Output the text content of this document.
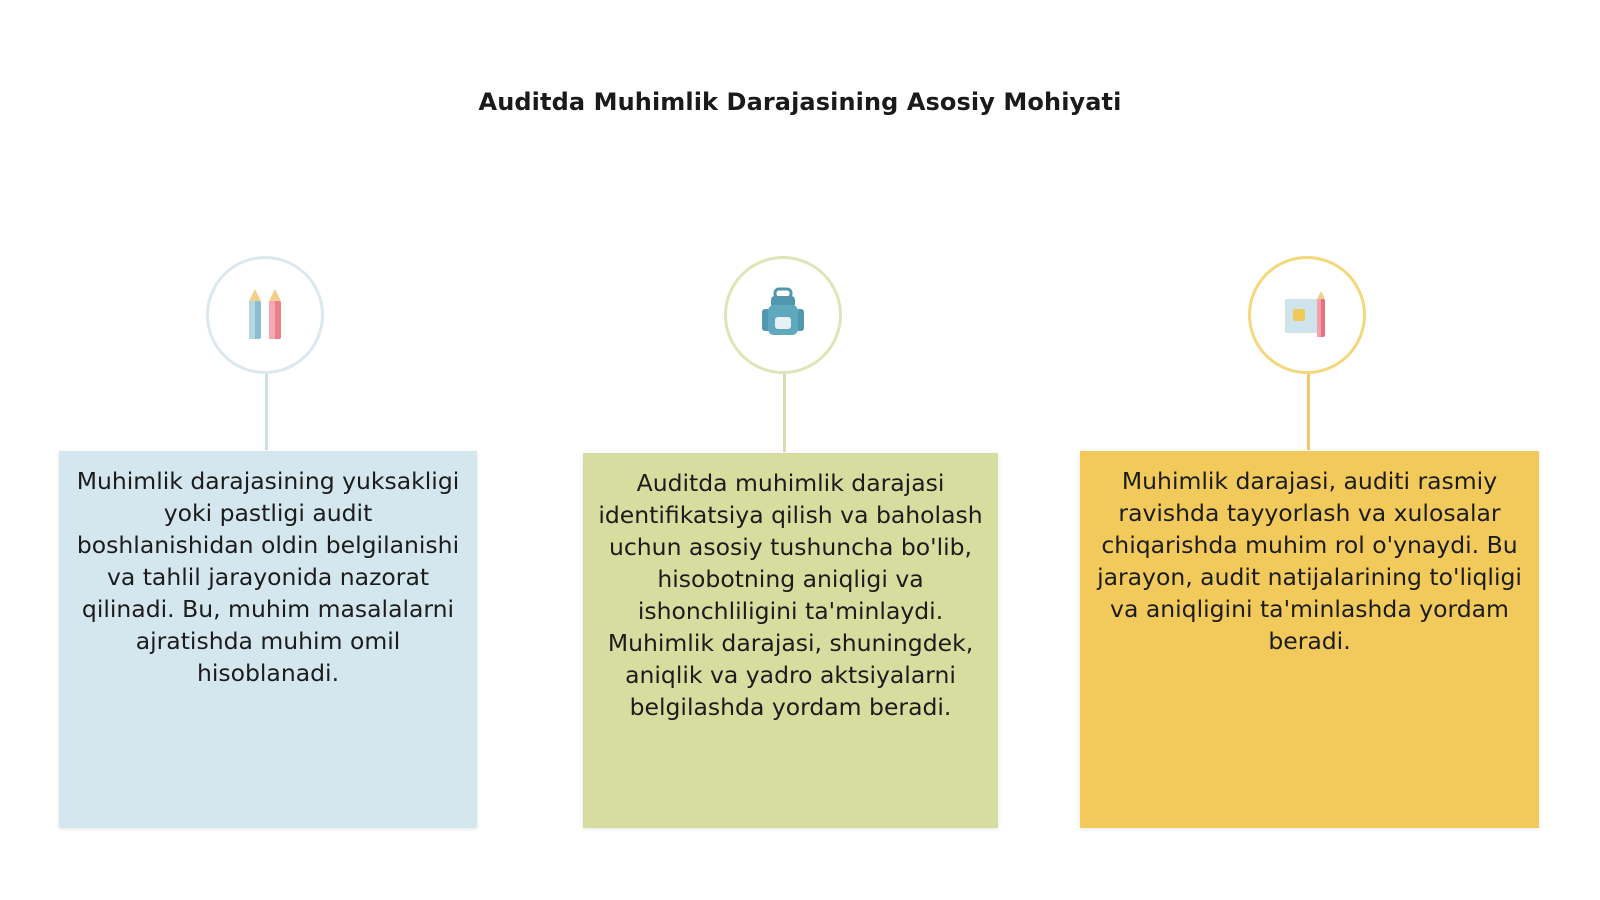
Auditda Muhimlik Darajasining Asosiy Mohiyati

Muhimlik darajasining yuksakligi yoki pastligi audit boshlanishidan oldin belgilanishi va tahlil jarayonida nazorat qilinadi. Bu, muhim masalalarni ajratishda muhim omil hisoblanadi.

Auditda muhimlik darajasi identifikatsiya qilish va baholash uchun asosiy tushuncha bo'lib, hisobotning aniqligi va ishonchliligini ta'minlaydi. Muhimlik darajasi, shuningdek, aniqlik va yadro aktsiyalarni belgilashda yordam beradi.

Muhimlik darajasi, auditi rasmiy ravishda tayyorlash va xulosalar chiqarishda muhim rol o'ynaydi. Bu jarayon, audit natijalarining to'liqligi va aniqligini ta'minlashda yordam beradi.
